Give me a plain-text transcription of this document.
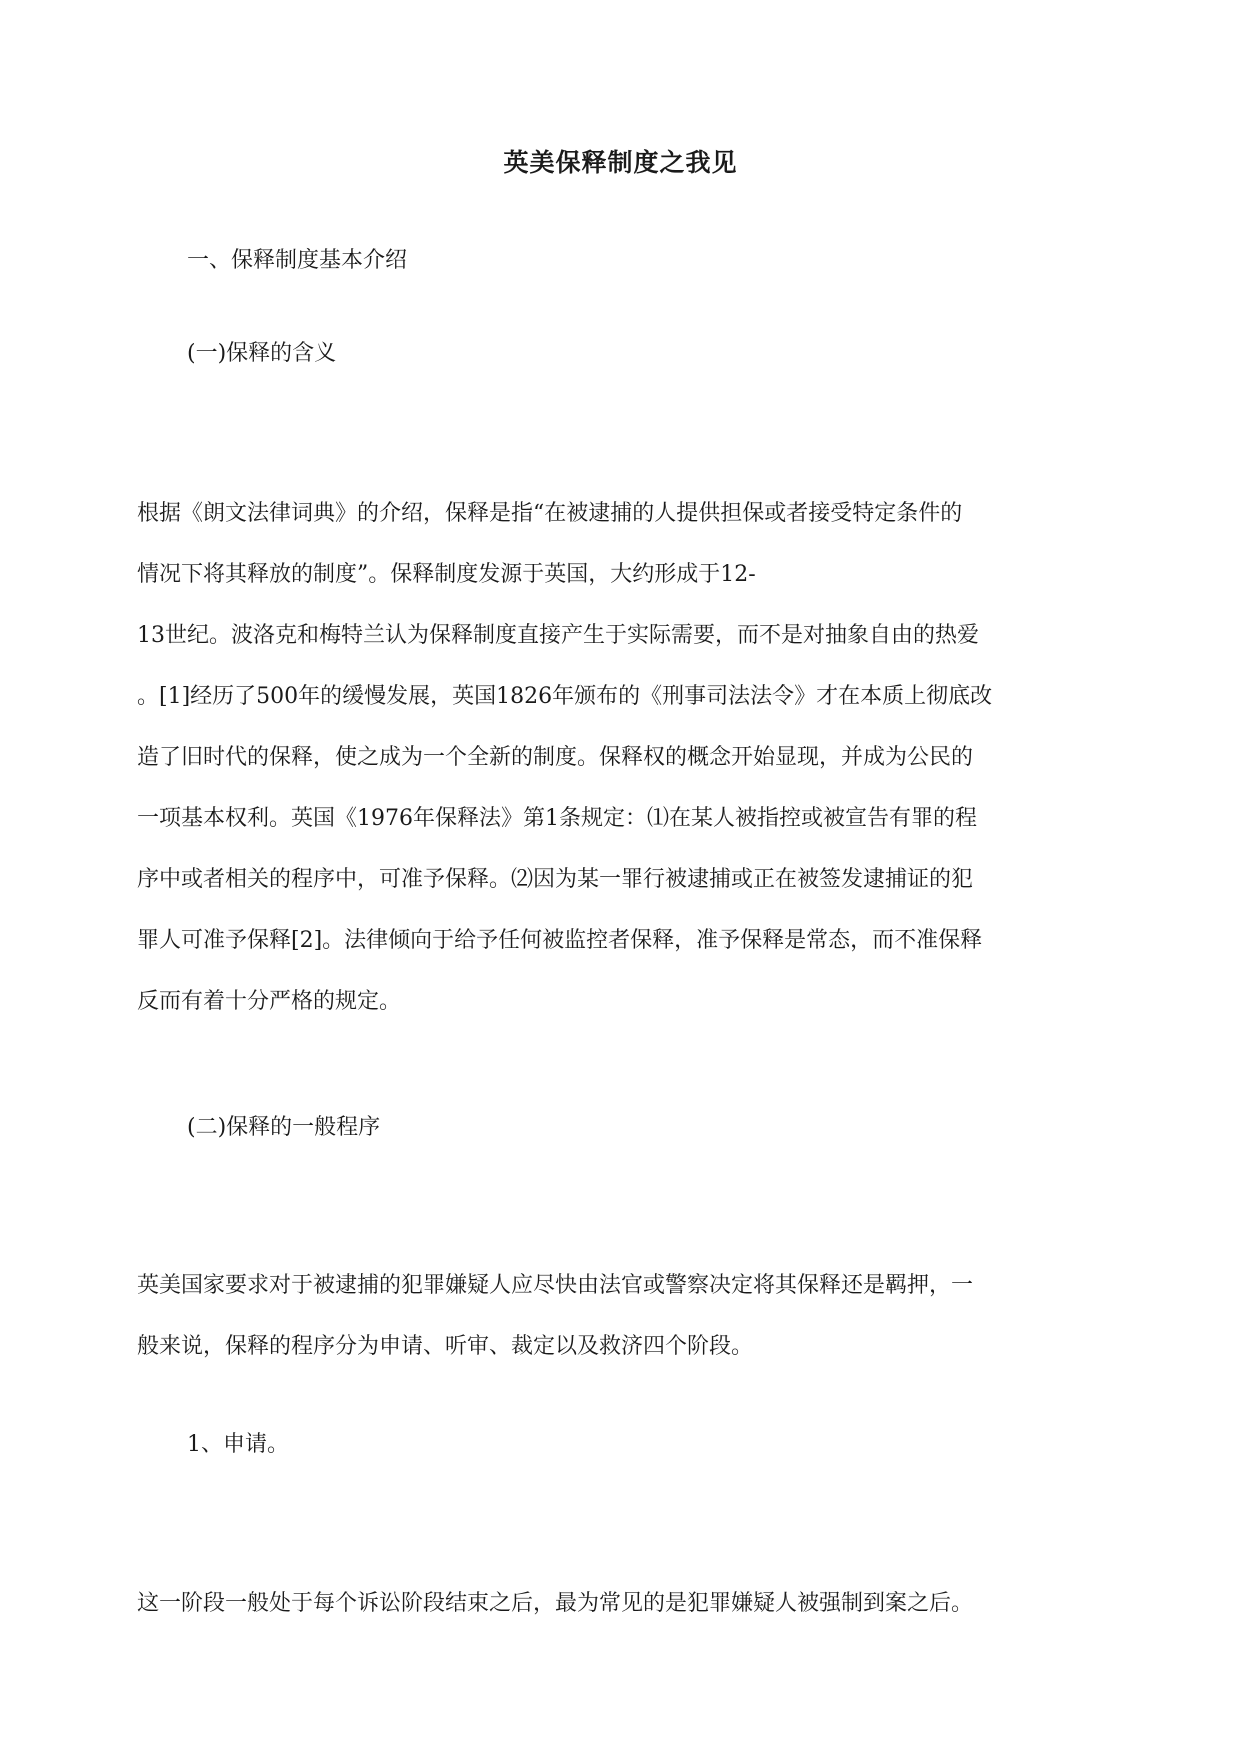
英美保释制度之我见
一、保释制度基本介绍
(一)保释的含义
根据《朗文法律词典》的介绍，保释是指“在被逮捕的人提供担保或者接受特定条件的
情况下将其释放的制度”。保释制度发源于英国，大约形成于12-
13世纪。波洛克和梅特兰认为保释制度直接产生于实际需要，而不是对抽象自由的热爱
。[1]经历了500年的缓慢发展，英国1826年颁布的《刑事司法法令》才在本质上彻底改
造了旧时代的保释，使之成为一个全新的制度。保释权的概念开始显现，并成为公民的
一项基本权利。英国《1976年保释法》第1条规定：⑴在某人被指控或被宣告有罪的程
序中或者相关的程序中，可准予保释。⑵因为某一罪行被逮捕或正在被签发逮捕证的犯
罪人可准予保释[2]。法律倾向于给予任何被监控者保释，准予保释是常态，而不准保释
反而有着十分严格的规定。
(二)保释的一般程序
英美国家要求对于被逮捕的犯罪嫌疑人应尽快由法官或警察决定将其保释还是羁押，一
般来说，保释的程序分为申请、听审、裁定以及救济四个阶段。
1、申请。
这一阶段一般处于每个诉讼阶段结束之后，最为常见的是犯罪嫌疑人被强制到案之后。
